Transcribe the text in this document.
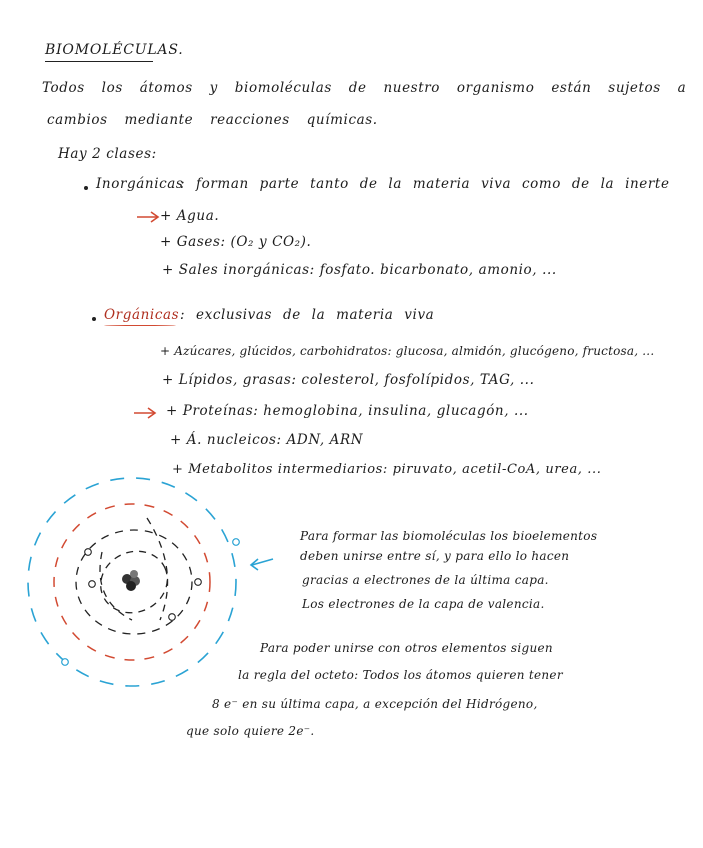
BIOMOLÉCULAS.
Todos los átomos y biomoléculas de nuestro organismo están sujetos a
cambios mediante reacciones químicas.
Hay 2 clases:
Inorgánicas
: forman parte tanto de la materia viva como de la inerte
+ Agua.
+ Gases: (O₂ y CO₂).
+ Sales inorgánicas: fosfato. bicarbonato, amonio, ...
Orgánicas : exclusivas de la materia viva
+ Azúcares, glúcidos, carbohidratos: glucosa, almidón, glucógeno, fructosa, ...
+ Lípidos, grasas: colesterol, fosfolípidos, TAG, ...
+ Proteínas: hemoglobina, insulina, glucagón, ...
+ Á. nucleicos: ADN, ARN
+ Metabolitos intermediarios: piruvato, acetil-CoA, urea, ...
Para formar las biomoléculas los bioelementos
deben unirse entre sí, y para ello lo hacen
gracias a electrones de la última capa.
Los electrones de la capa de valencia.
Para poder unirse con otros elementos siguen
la regla del octeto: Todos los átomos quieren tener
8 e⁻ en su última capa, a excepción del Hidrógeno,
que solo quiere 2e⁻.
